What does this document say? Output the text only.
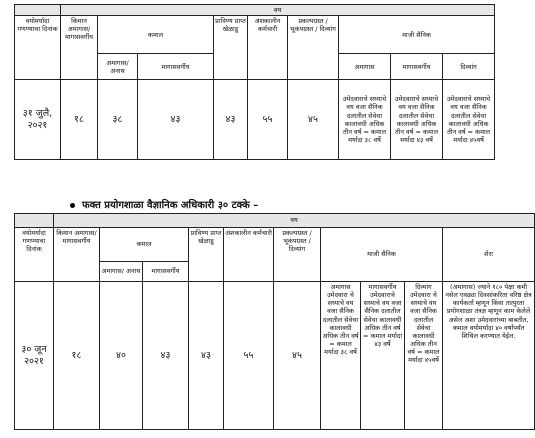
	वय								
वयोमर्यादा गणण्याचा दिनांक	किमान अमागास/ मागासवर्गीय	कमाल		प्राविण्य प्राप्त खेळाडू	अंशकालीन कर्मचारी	प्रकल्पग्रस्त / भूकंपग्रस्त / दिव्यांग	माजी सैनिक		
		अमागास/ अनाथ	मागासवर्गीय				अमागास	मागासवर्गीय	दिव्यांग
३१ जुलै, २०२१	१८	३८	४३	४३	५५	४५	उमेदवाराचे सध्याचे वय वजा सैनिक दलातील सेवेचा कालावधी अधिक तीन वर्ष = कमाल मर्यादा ३८ वर्षे	उमेदवाराचे सध्याचे वय वजा सैनिक दलातील सेवेचा कालावधी अधिक तीन वर्ष = कमाल मर्यादा ४३ वर्षे	उमेदवाराचे सध्याचे वय वजा सैनिक दलातील सेवेचा कालावधी अधिक तीन वर्ष = कमाल मर्यादा ४५वर्षे
फक्त प्रयोगशाळा वैज्ञानिक अधिकारी ३० टक्के –
	वय									
वयोमर्यादा गणण्याचा दिनांक	किमान अमागास/ मागासवर्गीय	कमाल		प्राविण्य प्राप्त खेळाडू	अंशकालीन कर्मचारी	प्रकल्पग्रस्त / भूकंपग्रस्त / दिव्यांग	माजी सैनिक			शेरा
		अमागास/ अनाथ	मागासवर्गीय							
३० जून २०२१	१८	४०	४३	४३	५५	४५	अमागास उमेदवारा चे सध्याचे वय वजा सैनिक दलातील सेवेचा कालावधी अधिक तीन वर्ष = कमाल मर्यादा ३८ वर्षे	मागासवर्गीय उमेदवाराचे सध्याचे वय वजा सैनिक दलातील सेवेचा कालावधी अधिक तीन वर्ष = कमाल मर्यादा ४३ वर्षे	दिव्यांग उमेदवारा चे सध्याचे वय वजा सैनिक दलातील सेवेचा कालावधी अधिक तीन वर्ष = कमाल मर्यादा ४५वर्षे	(अमागास) ज्याने १८० पेक्षा कमी नसेल एवढ्या दिवसांकरिता वरिष्ठ क्षेत्र कार्यकर्ता म्हणून किंवा तात्पुरता प्रयोगशाळा तंत्रज्ञ म्हणून काम केलेले असेल अशा उमेदवारांच्या बाबतीत, कमाल वयोमर्यादा ४० वर्षांपर्यंत शिथिल करण्यात येईल.
